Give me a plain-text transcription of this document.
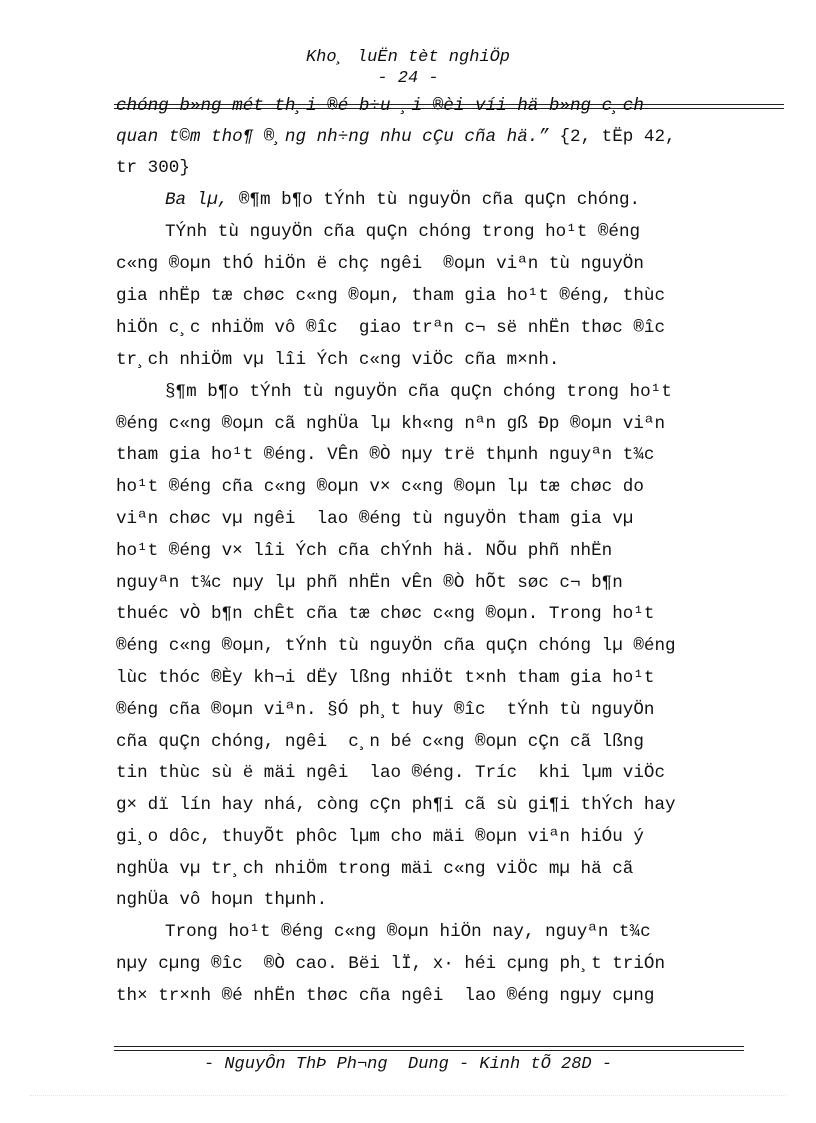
Kho¸ luËn tèt nghiÖp
- 24 -
chóng b»ng mét th¸i ®é b÷u ¸i ®èi víi hä b»ng c¸ch
quan t©m tho¶ ®¸ng nh÷ng nhu cÇu cña hä.” {2, tËp 42,
tr 300}
Ba lµ, ®¶m b¶o tÝnh tù nguyÖn cña quÇn chóng.
TÝnh tù nguyÖn cña quÇn chóng trong ho¹t ®éng
c«ng ®oµn thÓ hiÖn ë chç ngêi  ®oµn viªn tù nguyÖn
gia nhËp tæ chøc c«ng ®oµn, tham gia ho¹t ®éng, thùc
hiÖn c¸c nhiÖm vô ®îc  giao trªn c¬ së nhËn thøc ®îc
tr¸ch nhiÖm vµ lîi Ých c«ng viÖc cña m×nh.
§¶m b¶o tÝnh tù nguyÖn cña quÇn chóng trong ho¹t
®éng c«ng ®oµn cã nghÜa lµ kh«ng nªn gß Ðp ®oµn viªn
tham gia ho¹t ®éng. VÊn ®Ò nµy trë thµnh nguyªn t¾c
ho¹t ®éng cña c«ng ®oµn v× c«ng ®oµn lµ tæ chøc do
viªn chøc vµ ngêi  lao ®éng tù nguyÖn tham gia vµ
ho¹t ®éng v× lîi Ých cña chÝnh hä. NÕu phñ nhËn
nguyªn t¾c nµy lµ phñ nhËn vÊn ®Ò hÕt søc c¬ b¶n
thuéc vÒ b¶n chÊt cña tæ chøc c«ng ®oµn. Trong ho¹t
®éng c«ng ®oµn, tÝnh tù nguyÖn cña quÇn chóng lµ ®éng
lùc thóc ®Èy kh¬i dËy lßng nhiÖt t×nh tham gia ho¹t
®éng cña ®oµn viªn. §Ó ph¸t huy ®îc  tÝnh tù nguyÖn
cña quÇn chóng, ngêi  c¸n bé c«ng ®oµn cÇn cã lßng
tin thùc sù ë mäi ngêi  lao ®éng. Tríc  khi lµm viÖc
g× dï lín hay nhá, còng cÇn ph¶i cã sù gi¶i thÝch hay
gi¸o dôc, thuyÕt phôc lµm cho mäi ®oµn viªn hiÓu ý
nghÜa vµ tr¸ch nhiÖm trong mäi c«ng viÖc mµ hä cã
nghÜa vô hoµn thµnh.
Trong ho¹t ®éng c«ng ®oµn hiÖn nay, nguyªn t¾c
nµy cµng ®îc  ®Ò cao. Bëi lÏ, x· héi cµng ph¸t triÓn
th× tr×nh ®é nhËn thøc cña ngêi  lao ®éng ngµy cµng
- NguyÔn ThÞ Ph¬ng  Dung - Kinh tÕ 28D -
